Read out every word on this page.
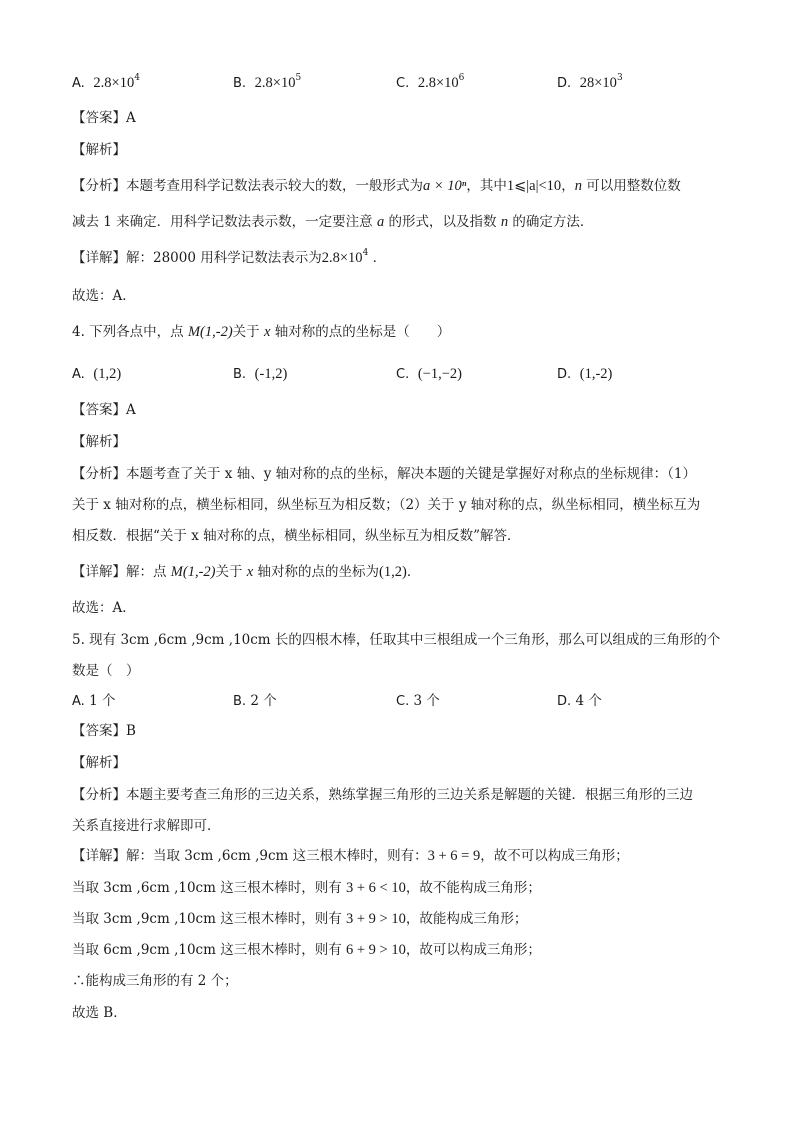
A. $2.8\times 10^4$	B. $2.8\times 10^5$	C. $2.8\times 10^6$	D. $28\times 10^3$
【答案】A
【解析】
【分析】本题考查用科学记数法表示较大的数，一般形式为a × 10ⁿ，其中1⩽|a|<10，n 可以用整数位数
减去 1 来确定．用科学记数法表示数，一定要注意 a 的形式，以及指数 n 的确定方法．
【详解】解：28000 用科学记数法表示为$2.8\times 10^4$ ．
故选：A．
4. 下列各点中，点 M(1,-2)关于 x 轴对称的点的坐标是（　　）
A. (1,2)	B. (-1,2)	C. (−1,−2)	D. (1,-2)
【答案】A
【解析】
【分析】本题考查了关于 x 轴、y 轴对称的点的坐标，解决本题的关键是掌握好对称点的坐标规律：（1）
关于 x 轴对称的点，横坐标相同，纵坐标互为相反数；（2）关于 y 轴对称的点，纵坐标相同，横坐标互为
相反数．根据“关于 x 轴对称的点，横坐标相同，纵坐标互为相反数”解答．
【详解】解：点 M(1,-2)关于 x 轴对称的点的坐标为(1,2)．
故选：A．
5. 现有 3cm ,6cm ,9cm ,10cm 长的四根木棒，任取其中三根组成一个三角形，那么可以组成的三角形的个
数是（　）
A. 1 个	B. 2 个	C. 3 个	D. 4 个
【答案】B
【解析】
【分析】本题主要考查三角形的三边关系，熟练掌握三角形的三边关系是解题的关键．根据三角形的三边
关系直接进行求解即可．
【详解】解：当取 3cm ,6cm ,9cm 这三根木棒时，则有：3 + 6 = 9，故不可以构成三角形；
当取 3cm ,6cm ,10cm 这三根木棒时，则有 3 + 6 < 10，故不能构成三角形；
当取 3cm ,9cm ,10cm 这三根木棒时，则有 3 + 9 > 10，故能构成三角形；
当取 6cm ,9cm ,10cm 这三根木棒时，则有 6 + 9 > 10，故可以构成三角形；
∴能构成三角形的有 2 个；
故选 B．
